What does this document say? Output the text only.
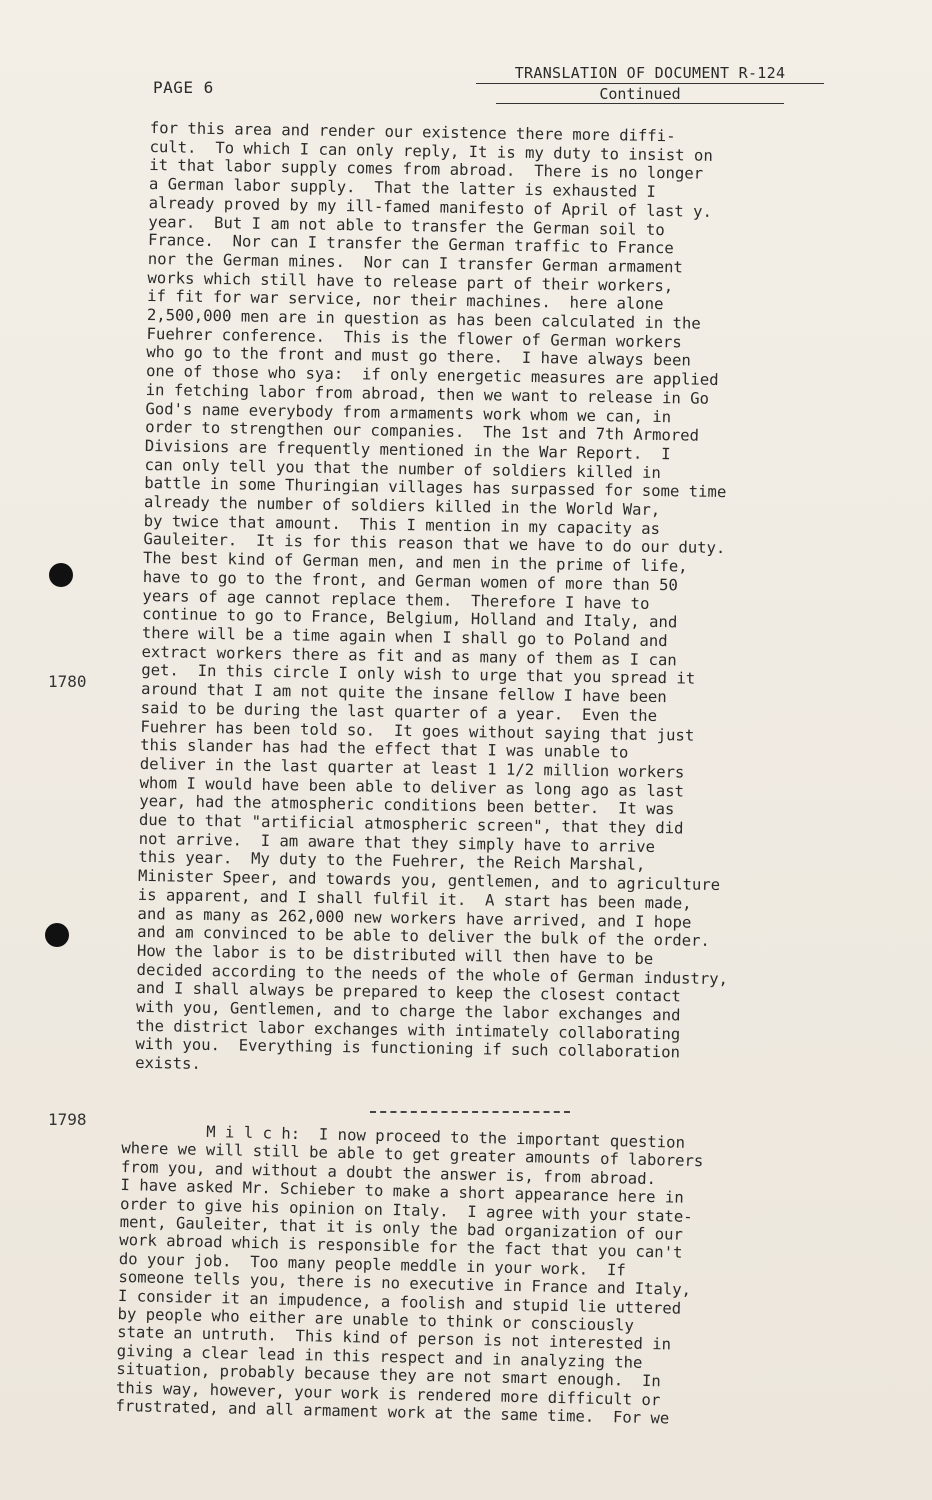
PAGE 6
TRANSLATION OF DOCUMENT R-124
Continued
1780
1798
for this area and render our existence there more diffi-
cult.  To which I can only reply, It is my duty to insist on
it that labor supply comes from abroad.  There is no longer
a German labor supply.  That the latter is exhausted I
already proved by my ill-famed manifesto of April of last y.
year.  But I am not able to transfer the German soil to
France.  Nor can I transfer the German traffic to France
nor the German mines.  Nor can I transfer German armament
works which still have to release part of their workers,
if fit for war service, nor their machines.  here alone
2,500,000 men are in question as has been calculated in the
Fuehrer conference.  This is the flower of German workers
who go to the front and must go there.  I have always been
one of those who sya:  if only energetic measures are applied
in fetching labor from abroad, then we want to release in Go
God's name everybody from armaments work whom we can, in
order to strengthen our companies.  The 1st and 7th Armored
Divisions are frequently mentioned in the War Report.  I
can only tell you that the number of soldiers killed in
battle in some Thuringian villages has surpassed for some time
already the number of soldiers killed in the World War,
by twice that amount.  This I mention in my capacity as
Gauleiter.  It is for this reason that we have to do our duty.
The best kind of German men, and men in the prime of life,
have to go to the front, and German women of more than 50
years of age cannot replace them.  Therefore I have to
continue to go to France, Belgium, Holland and Italy, and
there will be a time again when I shall go to Poland and
extract workers there as fit and as many of them as I can
get.  In this circle I only wish to urge that you spread it
around that I am not quite the insane fellow I have been
said to be during the last quarter of a year.  Even the
Fuehrer has been told so.  It goes without saying that just
this slander has had the effect that I was unable to
deliver in the last quarter at least 1 1/2 million workers
whom I would have been able to deliver as long ago as last
year, had the atmospheric conditions been better.  It was
due to that "artificial atmospheric screen", that they did
not arrive.  I am aware that they simply have to arrive
this year.  My duty to the Fuehrer, the Reich Marshal,
Minister Speer, and towards you, gentlemen, and to agriculture
is apparent, and I shall fulfil it.  A start has been made,
and as many as 262,000 new workers have arrived, and I hope
and am convinced to be able to deliver the bulk of the order.
How the labor is to be distributed will then have to be
decided according to the needs of the whole of German industry,
and I shall always be prepared to keep the closest contact
with you, Gentlemen, and to charge the labor exchanges and
the district labor exchanges with intimately collaborating
with you.  Everything is functioning if such collaboration
exists.
M i l c h:  I now proceed to the important question
where we will still be able to get greater amounts of laborers
from you, and without a doubt the answer is, from abroad.
I have asked Mr. Schieber to make a short appearance here in
order to give his opinion on Italy.  I agree with your state-
ment, Gauleiter, that it is only the bad organization of our
work abroad which is responsible for the fact that you can't
do your job.  Too many people meddle in your work.  If
someone tells you, there is no executive in France and Italy,
I consider it an impudence, a foolish and stupid lie uttered
by people who either are unable to think or consciously
state an untruth.  This kind of person is not interested in
giving a clear lead in this respect and in analyzing the
situation, probably because they are not smart enough.  In
this way, however, your work is rendered more difficult or
frustrated, and all armament work at the same time.  For we
